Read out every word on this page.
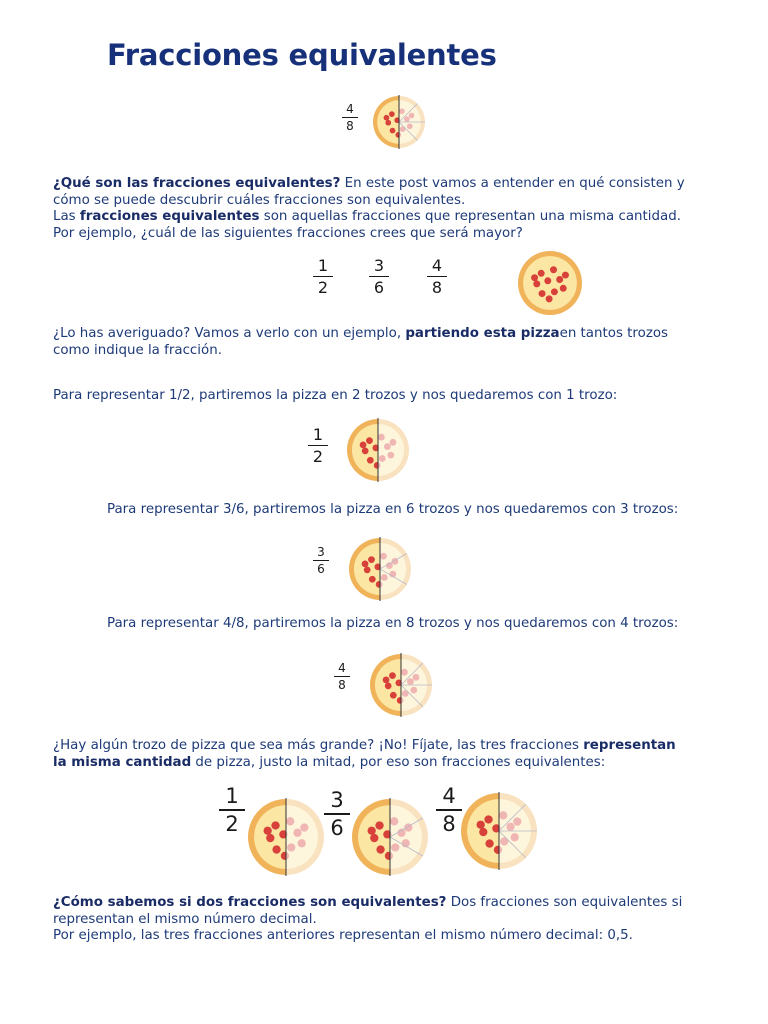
Fracciones equivalentes
4
8
¿Qué son las fracciones equivalentes? En este post vamos a entender en qué consisten y
cómo se puede descubrir cuáles fracciones son equivalentes.
Las fracciones equivalentes son aquellas fracciones que representan una misma cantidad.
Por ejemplo, ¿cuál de las siguientes fracciones crees que será mayor?
1
2
3
6
4
8
¿Lo has averiguado? Vamos a verlo con un ejemplo, partiendo esta pizzaen tantos trozos
como indique la fracción.
Para representar 1/2, partiremos la pizza en 2 trozos y nos quedaremos con 1 trozo:
1
2
Para representar 3/6, partiremos la pizza en 6 trozos y nos quedaremos con 3 trozos:
3
6
Para representar 4/8, partiremos la pizza en 8 trozos y nos quedaremos con 4 trozos:
4
8
¿Hay algún trozo de pizza que sea más grande? ¡No! Fíjate, las tres fracciones representan
la misma cantidad de pizza, justo la mitad, por eso son fracciones equivalentes:
1
2
3
6
4
8
¿Cómo sabemos si dos fracciones son equivalentes? Dos fracciones son equivalentes si
representan el mismo número decimal.
Por ejemplo, las tres fracciones anteriores representan el mismo número decimal: 0,5.
